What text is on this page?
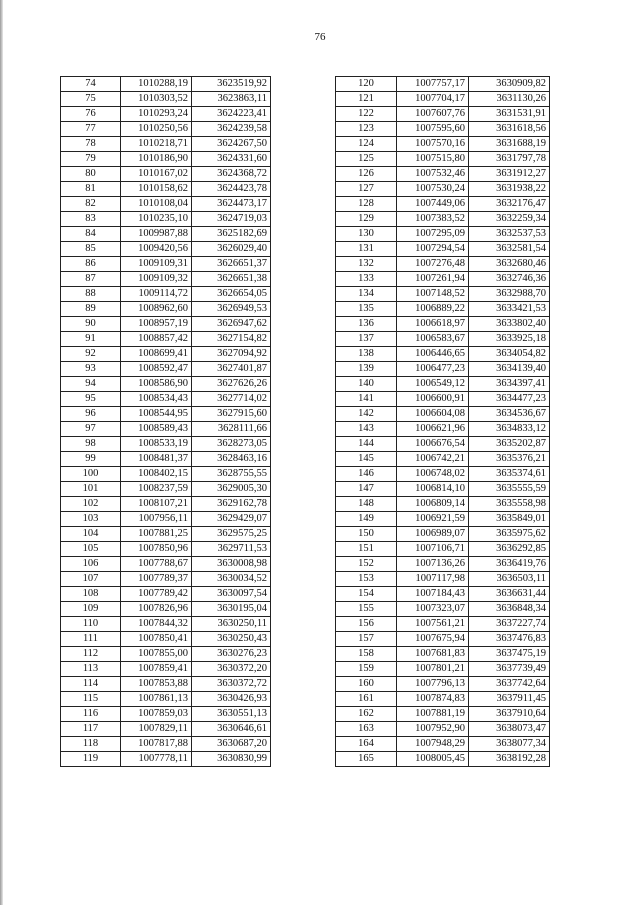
76
74	1010288,19	3623519,92
75	1010303,52	3623863,11
76	1010293,24	3624223,41
77	1010250,56	3624239,58
78	1010218,71	3624267,50
79	1010186,90	3624331,60
80	1010167,02	3624368,72
81	1010158,62	3624423,78
82	1010108,04	3624473,17
83	1010235,10	3624719,03
84	1009987,88	3625182,69
85	1009420,56	3626029,40
86	1009109,31	3626651,37
87	1009109,32	3626651,38
88	1009114,72	3626654,05
89	1008962,60	3626949,53
90	1008957,19	3626947,62
91	1008857,42	3627154,82
92	1008699,41	3627094,92
93	1008592,47	3627401,87
94	1008586,90	3627626,26
95	1008534,43	3627714,02
96	1008544,95	3627915,60
97	1008589,43	3628111,66
98	1008533,19	3628273,05
99	1008481,37	3628463,16
100	1008402,15	3628755,55
101	1008237,59	3629005,30
102	1008107,21	3629162,78
103	1007956,11	3629429,07
104	1007881,25	3629575,25
105	1007850,96	3629711,53
106	1007788,67	3630008,98
107	1007789,37	3630034,52
108	1007789,42	3630097,54
109	1007826,96	3630195,04
110	1007844,32	3630250,11
111	1007850,41	3630250,43
112	1007855,00	3630276,23
113	1007859,41	3630372,20
114	1007853,88	3630372,72
115	1007861,13	3630426,93
116	1007859,03	3630551,13
117	1007829,11	3630646,61
118	1007817,88	3630687,20
119	1007778,11	3630830,99
120	1007757,17	3630909,82
121	1007704,17	3631130,26
122	1007607,76	3631531,91
123	1007595,60	3631618,56
124	1007570,16	3631688,19
125	1007515,80	3631797,78
126	1007532,46	3631912,27
127	1007530,24	3631938,22
128	1007449,06	3632176,47
129	1007383,52	3632259,34
130	1007295,09	3632537,53
131	1007294,54	3632581,54
132	1007276,48	3632680,46
133	1007261,94	3632746,36
134	1007148,52	3632988,70
135	1006889,22	3633421,53
136	1006618,97	3633802,40
137	1006583,67	3633925,18
138	1006446,65	3634054,82
139	1006477,23	3634139,40
140	1006549,12	3634397,41
141	1006600,91	3634477,23
142	1006604,08	3634536,67
143	1006621,96	3634833,12
144	1006676,54	3635202,87
145	1006742,21	3635376,21
146	1006748,02	3635374,61
147	1006814,10	3635555,59
148	1006809,14	3635558,98
149	1006921,59	3635849,01
150	1006989,07	3635975,62
151	1007106,71	3636292,85
152	1007136,26	3636419,76
153	1007117,98	3636503,11
154	1007184,43	3636631,44
155	1007323,07	3636848,34
156	1007561,21	3637227,74
157	1007675,94	3637476,83
158	1007681,83	3637475,19
159	1007801,21	3637739,49
160	1007796,13	3637742,64
161	1007874,83	3637911,45
162	1007881,19	3637910,64
163	1007952,90	3638073,47
164	1007948,29	3638077,34
165	1008005,45	3638192,28
